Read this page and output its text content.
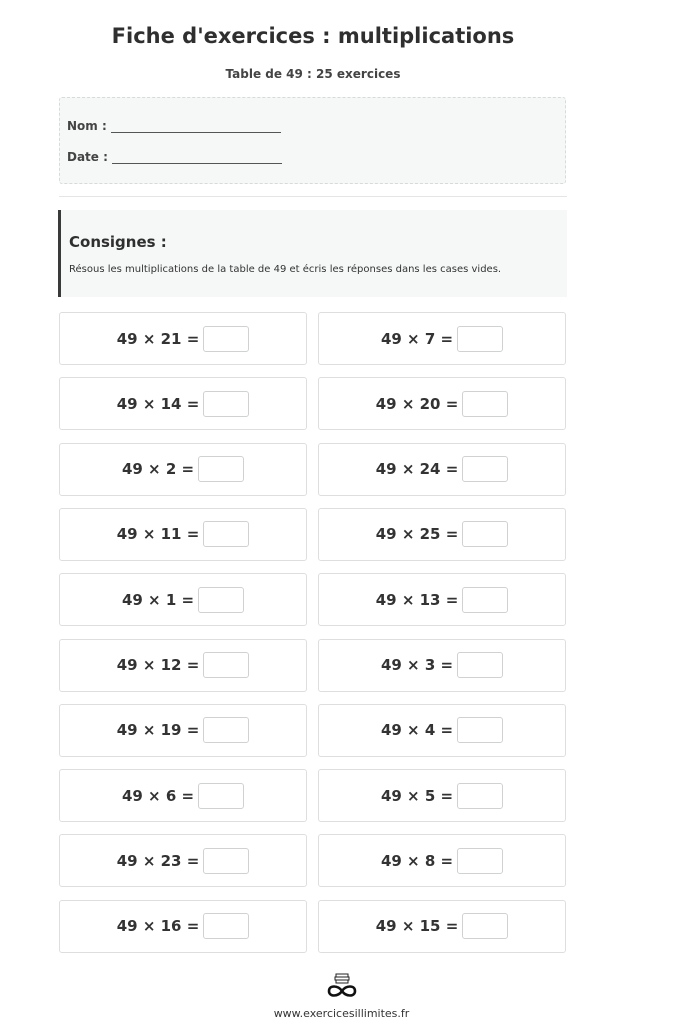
Fiche d'exercices : multiplications
Table de 49 : 25 exercices
Nom :
Date :
Consignes :
Résous les multiplications de la table de 49 et écris les réponses dans les cases vides.
49 × 21 =	49 × 7 =
49 × 14 =	49 × 20 =
49 × 2 =	49 × 24 =
49 × 11 =	49 × 25 =
49 × 1 =	49 × 13 =
49 × 12 =	49 × 3 =
49 × 19 =	49 × 4 =
49 × 6 =	49 × 5 =
49 × 23 =	49 × 8 =
49 × 16 =	49 × 15 =
www.exercicesillimites.fr
